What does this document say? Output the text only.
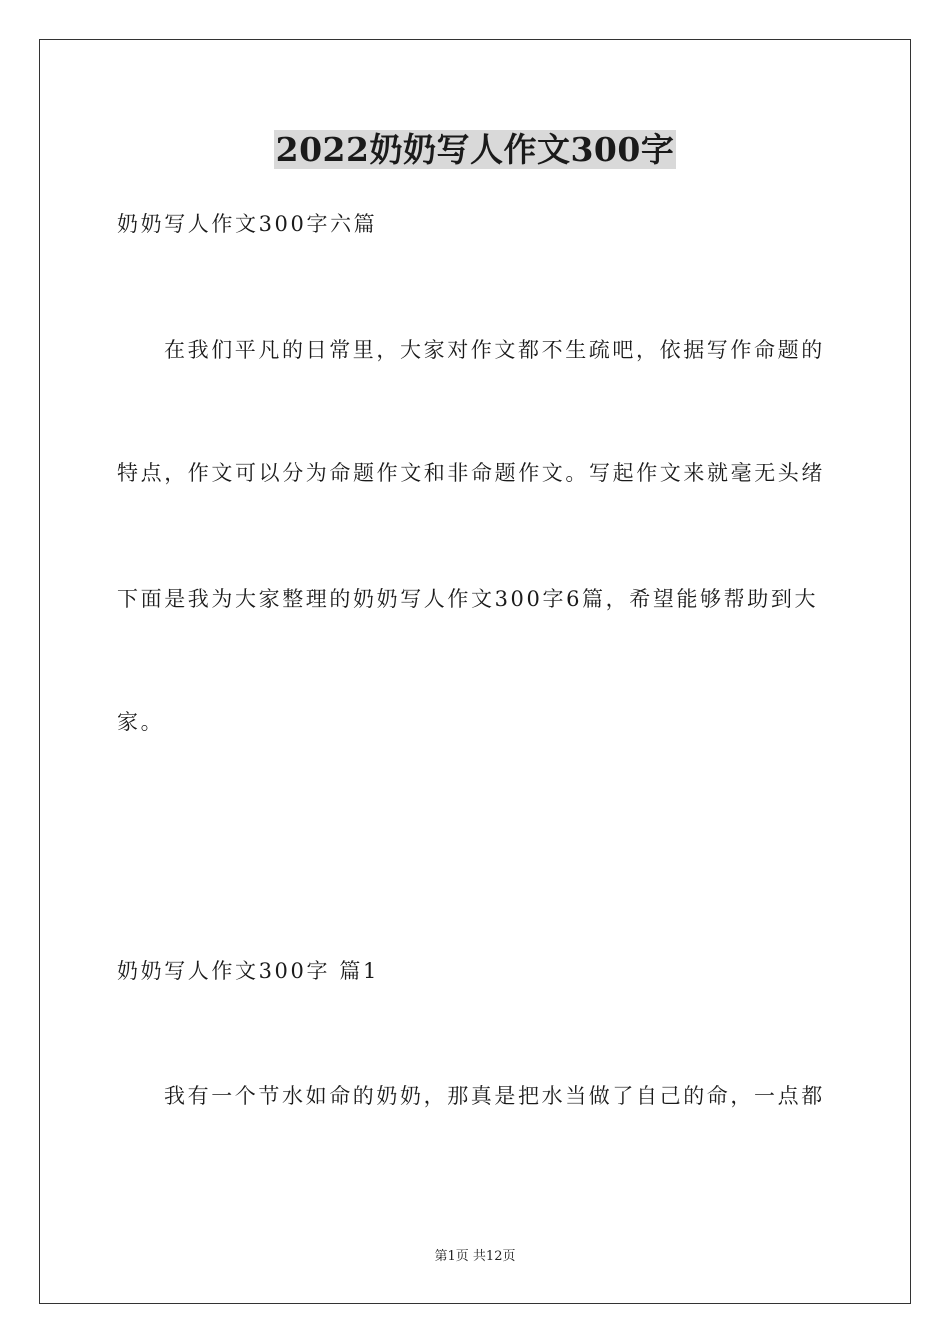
2022奶奶写人作文300字
奶奶写人作文300字六篇
在我们平凡的日常里，大家对作文都不生疏吧，依据写作命题的
特点，作文可以分为命题作文和非命题作文。写起作文来就毫无头绪
下面是我为大家整理的奶奶写人作文300字6篇，希望能够帮助到大
家。
奶奶写人作文300字 篇1
我有一个节水如命的奶奶，那真是把水当做了自己的命，一点都
第1页 共12页
